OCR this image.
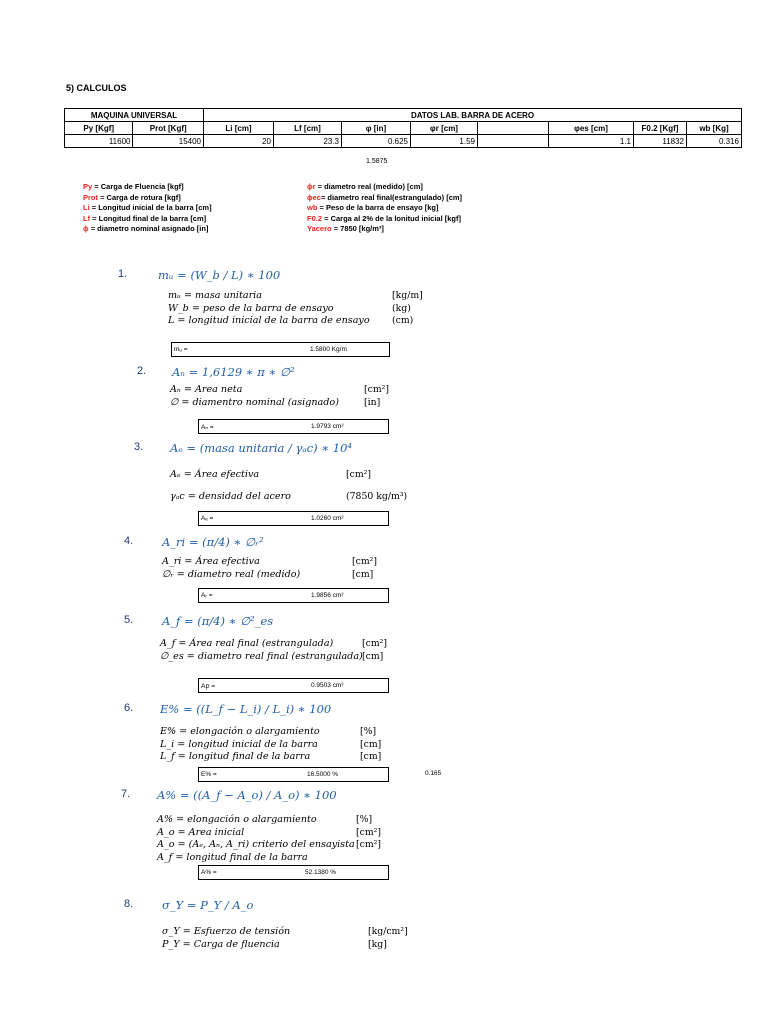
5) CALCULOS
MAQUINA UNIVERSAL		DATOS LAB. BARRA DE ACERO							
Py [Kgf]	Prot [Kgf]	Li [cm]	Lf [cm]	φ [in]	φr [cm]		φes [cm]	F0.2 [Kgf]	wb [Kg]
11600	15400	20	23.3	0.625	1.59		1.1	11832	0.316
1.5875
Py = Carga de Fluencia [kgf]
Prot = Carga de rotura [kgf]
Li = Longitud inicial de la barra [cm]
Lf = Longitud final de la barra [cm]
ϕ = diametro nominal asignado [in]
ϕr = diametro real (medido) [cm]
ϕec= diametro real final(estrangulado) [cm]
wb = Peso de la barra de ensayo [kg]
F0.2 = Carga al 2% de la lonitud inicial [kgf]
Yacero = 7850 [kg/m³]
1.	mᵤ = (W_b / L) ∗ 100
mᵤ = masa unitaria
W_b = peso de la barra de ensayo
L = longitud inicial de la barra de ensayo
[kg/m]
(kg)
(cm)
mᵤ =	1.5800 Kg/m
2. Aₙ = 1,6129 ∗ π ∗ ∅²
Aₙ = Area neta
∅ = diamentro nominal (asignado)
[cm²]
[in]
Aₙ =	1.9793 cm²
3. Aₑ = (masa unitaria / γₐc) ∗ 10⁴
Aₑ = Área efectiva
γₐc = densidad del acero
[cm²]
(7850 kg/m³)
Aₑ =	1.0260 cm²
4.	A_ri = (π/4) ∗ ∅ᵣ²
A_ri = Área efectiva
∅ᵣ = diametro real (medido)
[cm²]
[cm]
Aᵣ =	1.9856 cm²
5.	A_f = (π/4) ∗ ∅²_es
A_f = Área real final (estrangulada)
∅_es = diametro real final (estrangulada)
[cm²]
[cm]
Aբ =	0.9503 cm²
6. E% = ((L_f − L_i) / L_i) ∗ 100
E% = elongación o alargamiento
L_i = longitud inicial de la barra
L_f = longitud final de la barra
[%]
[cm]
[cm]
E% =	16.5000 %	0.165
7. A% = ((A_f − A_o) / A_o) ∗ 100
A% = elongación o alargamiento
A_o = Area inicial
A_o = (Aₑ, Aₙ, A_ri) criterio del ensayista
A_f = longitud final de la barra
[%]
[cm²]
[cm²]
A% =	52.1380 %
8.	σ_Y = P_Y / A_o
σ_Y = Esfuerzo de tensión
P_Y = Carga de fluencia
[kg/cm²]
[kg]
